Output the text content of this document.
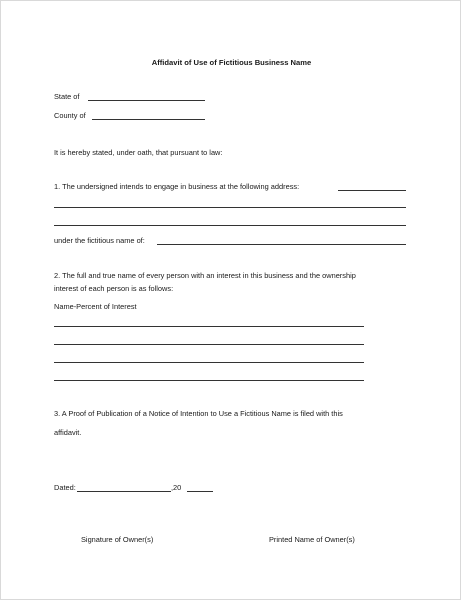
Affidavit of Use of Fictitious Business Name
State of
County of
It is hereby stated, under oath, that pursuant to law:
1. The undersigned intends to engage in business at the following address:
under the fictitious name of:
2. The full and true name of every person with an interest in this business and the ownership
interest of each person is as follows:
Name-Percent of Interest
3. A Proof of Publication of a Notice of Intention to Use a Fictitious Name is filed with this
affidavit.
Dated:	,20
Signature of Owner(s)	Printed Name of Owner(s)
